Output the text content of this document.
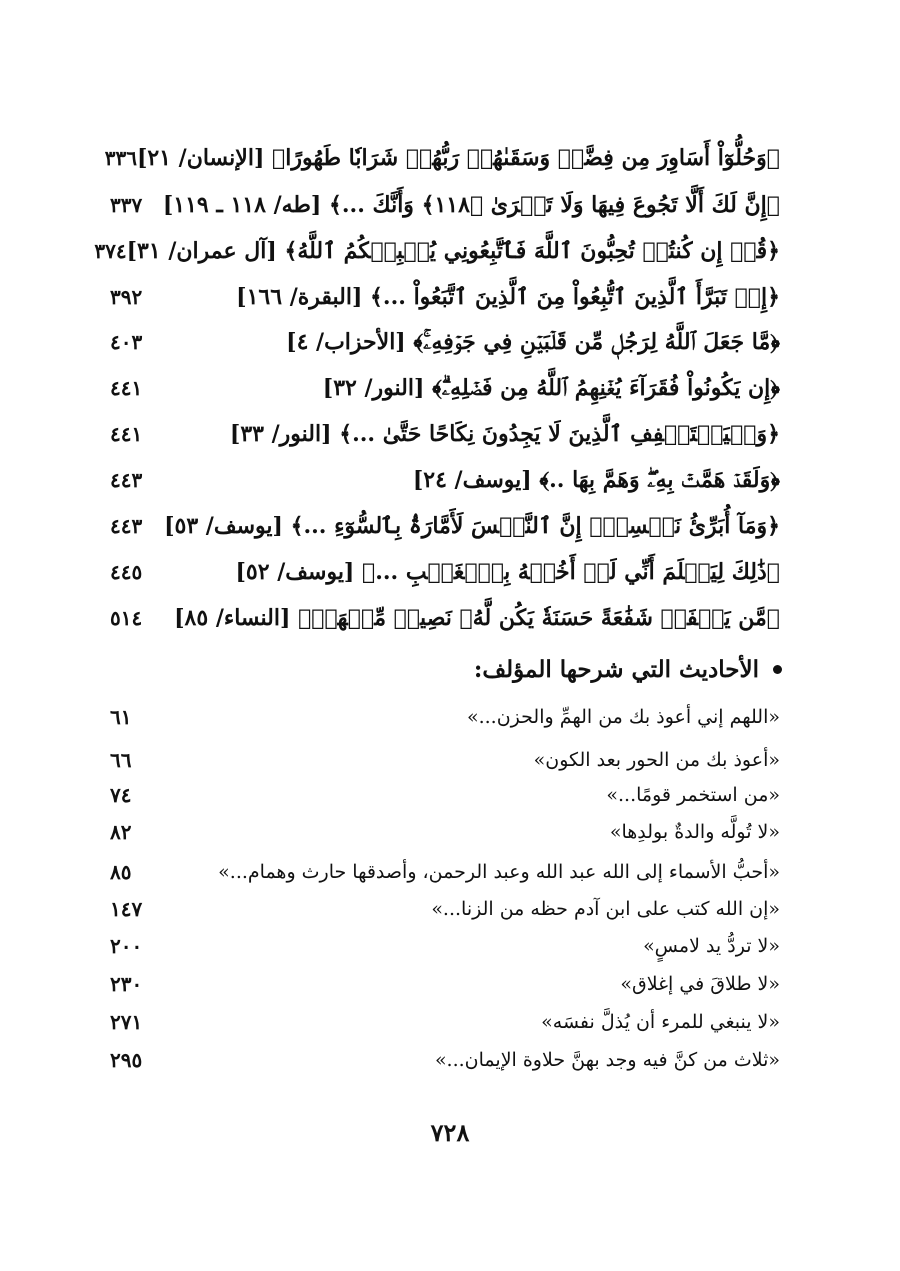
﴿وَحُلُّوٓاْ أَسَاوِرَ مِن فِضَّةٖ وَسَقَىٰهُمۡ رَبُّهُمۡ شَرَابٗا طَهُورًا﴾ [الإنسان/ ٢١]
٣٣٦
﴿إِنَّ لَكَ أَلَّا تَجُوعَ فِيهَا وَلَا تَعۡرَىٰ ﴿١١٨﴾ وَأَنَّكَ ...﴾ [طه/ ١١٨ ـ ١١٩]
٣٣٧
﴿قُلۡ إِن كُنتُمۡ تُحِبُّونَ ٱللَّهَ فَٱتَّبِعُونِي يُحۡبِبۡكُمُ ٱللَّهُ﴾ [آل عمران/ ٣١]
٣٧٤
﴿إِذۡ تَبَرَّأَ ٱلَّذِينَ ٱتُّبِعُواْ مِنَ ٱلَّذِينَ ٱتَّبَعُواْ ...﴾ [البقرة/ ١٦٦]
٣٩٢
﴿مَّا جَعَلَ ٱللَّهُ لِرَجُلٖ مِّن قَلۡبَيۡنِ فِي جَوۡفِهِۦۚ﴾ [الأحزاب/ ٤]
٤٠٣
﴿إِن يَكُونُواْ فُقَرَآءَ يُغۡنِهِمُ ٱللَّهُ مِن فَضۡلِهِۦۗ﴾ [النور/ ٣٢]
٤٤١
﴿وَلۡيَسۡتَعۡفِفِ ٱلَّذِينَ لَا يَجِدُونَ نِكَاحًا حَتَّىٰ ...﴾ [النور/ ٣٣]
٤٤١
﴿وَلَقَدۡ هَمَّتۡ بِهِۦۖ وَهَمَّ بِهَا ..﴾ [يوسف/ ٢٤]
٤٤٣
﴿وَمَآ أُبَرِّئُ نَفۡسِيٓۚ إِنَّ ٱلنَّفۡسَ لَأَمَّارَةُۢ بِٱلسُّوٓءِ ...﴾ [يوسف/ ٥٣]
٤٤٣
﴿ذَٰلِكَ لِيَعۡلَمَ أَنِّي لَمۡ أَخُنۡهُ بِٱلۡغَيۡبِ ...﴾ [يوسف/ ٥٢]
٤٤٥
﴿مَّن يَشۡفَعۡ شَفَٰعَةً حَسَنَةٗ يَكُن لَّهُۥ نَصِيبٞ مِّنۡهَاۖ﴾ [النساء/ ٨٥]
٥١٤
الأحاديث التي شرحها المؤلف:
«اللهم إني أعوذ بك من الهمِّ والحزن...»
٦١
«أعوذ بك من الحور بعد الكون»
٦٦
«من استخمر قومًا...»
٧٤
«لا تُولَّه والدةٌ بولدِها»
٨٢
«أحبُّ الأسماء إلى الله عبد الله وعبد الرحمن، وأصدقها حارث وهمام...»
٨٥
«إن الله كتب على ابن آدم حظه من الزنا...»
١٤٧
«لا تردُّ يد لامسٍ»
٢٠٠
«لا طلاقَ في إغلاق»
٢٣٠
«لا ينبغي للمرء أن يُذلَّ نفسَه»
٢٧١
«ثلاث من كنَّ فيه وجد بهنَّ حلاوة الإيمان...»
٢٩٥
٧٢٨
